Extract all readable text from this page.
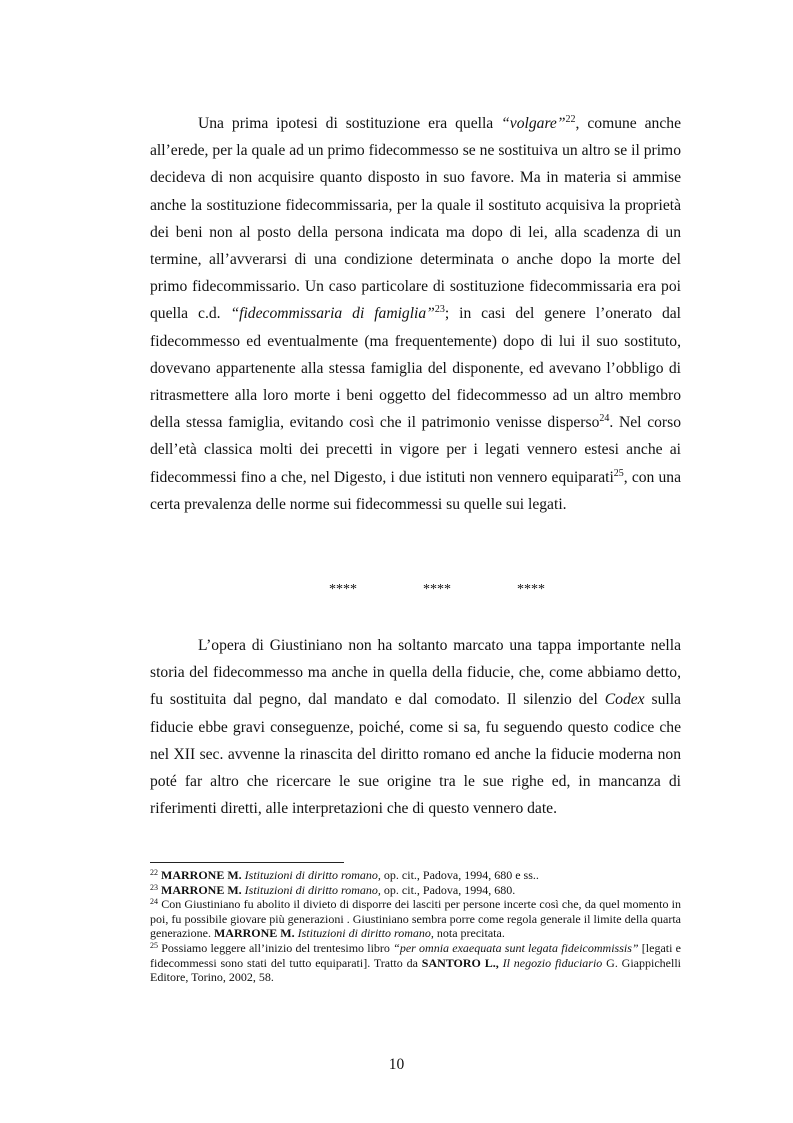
Una prima ipotesi di sostituzione era quella “volgare”$^{22}$, comune anche all’erede, per la quale ad un primo fidecommesso se ne sostituiva un altro se il primo decideva di non acquisire quanto disposto in suo favore. Ma in materia si ammise anche la sostituzione fidecommissaria, per la quale il sostituto acquisiva la proprietà dei beni non al posto della persona indicata ma dopo di lei, alla scadenza di un termine, all’avverarsi di una condizione determinata o anche dopo la morte del primo fidecommissario. Un caso particolare di sostituzione fidecommissaria era poi quella c.d. “fidecommissaria di famiglia”$^{23}$; in casi del genere l’onerato dal fidecommesso ed eventualmente (ma frequentemente) dopo di lui il suo sostituto, dovevano appartenente alla stessa famiglia del disponente, ed avevano l’obbligo di ritrasmettere alla loro morte i beni oggetto del fidecommesso ad un altro membro della stessa famiglia, evitando così che il patrimonio venisse disperso$^{24}$. Nel corso dell’età classica molti dei precetti in vigore per i legati vennero estesi anche ai fidecommessi fino a che, nel Digesto, i due istituti non vennero equiparati$^{25}$, con una certa prevalenza delle norme sui fidecommessi su quelle sui legati.

****	****	****

L’opera di Giustiniano non ha soltanto marcato una tappa importante nella storia del fidecommesso ma anche in quella della fiducie, che, come abbiamo detto, fu sostituita dal pegno, dal mandato e dal comodato. Il silenzio del Codex sulla fiducie ebbe gravi conseguenze, poiché, come si sa, fu seguendo questo codice che nel XII sec. avvenne la rinascita del diritto romano ed anche la fiducie moderna non poté far altro che ricercare le sue origine tra le sue righe ed, in mancanza di riferimenti diretti, alle interpretazioni che di questo vennero date.

$^{22}$ MARRONE M. Istituzioni di diritto romano, op. cit., Padova, 1994, 680 e ss..

$^{23}$ MARRONE M. Istituzioni di diritto romano, op. cit., Padova, 1994, 680.

$^{24}$ Con Giustiniano fu abolito il divieto di disporre dei lasciti per persone incerte così che, da quel momento in poi, fu possibile giovare più generazioni . Giustiniano sembra porre come regola generale il limite della quarta generazione. MARRONE M. Istituzioni di diritto romano, nota precitata.

$^{25}$ Possiamo leggere all’inizio del trentesimo libro “per omnia exaequata sunt legata fideicommissis” [legati e fidecommessi sono stati del tutto equiparati]. Tratto da SANTORO L., Il negozio fiduciario G. Giappichelli Editore, Torino, 2002, 58.

10
